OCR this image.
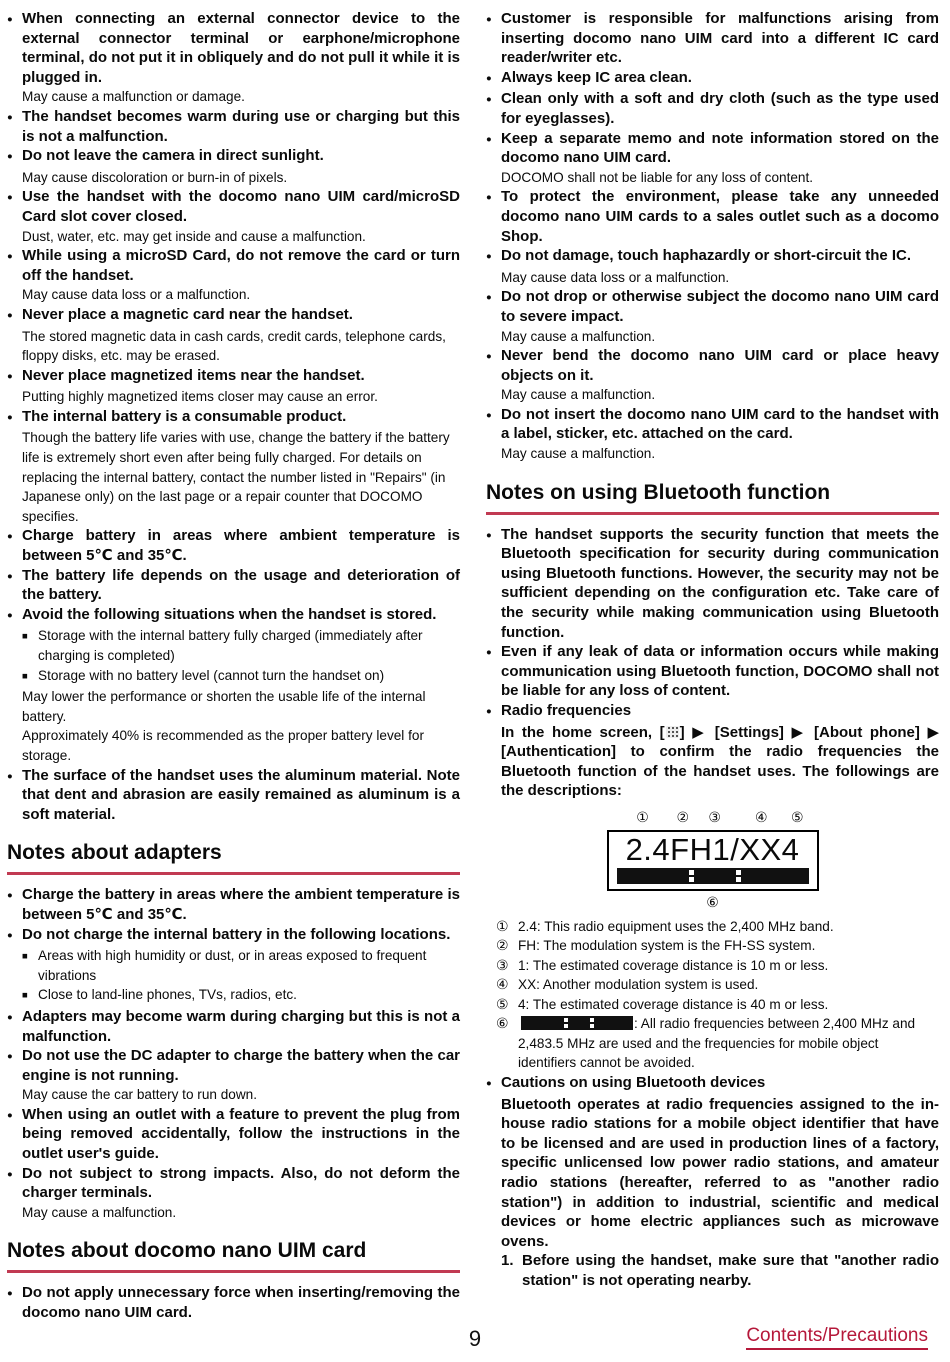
●
When connecting an external connector device to the external connector terminal or earphone/microphone terminal, do not put it in obliquely and do not pull it while it is plugged in.
May cause a malfunction or damage.
●
The handset becomes warm during use or charging but this is not a malfunction.
●
Do not leave the camera in direct sunlight.
May cause discoloration or burn-in of pixels.
●
Use the handset with the docomo nano UIM card/microSD Card slot cover closed.
Dust, water, etc. may get inside and cause a malfunction.
●
While using a microSD Card, do not remove the card or turn off the handset.
May cause data loss or a malfunction.
●
Never place a magnetic card near the handset.
The stored magnetic data in cash cards, credit cards, telephone cards, floppy disks, etc. may be erased.
●
Never place magnetized items near the handset.
Putting highly magnetized items closer may cause an error.
●
The internal battery is a consumable product.
Though the battery life varies with use, change the battery if the battery life is extremely short even after being fully charged. For details on replacing the internal battery, contact the number listed in "Repairs" (in Japanese only) on the last page or a repair counter that DOCOMO specifies.
●
Charge battery in areas where ambient temperature is between 5℃ and 35℃.
●
The battery life depends on the usage and deterioration of the battery.
●
Avoid the following situations when the handset is stored.
■
Storage with the internal battery fully charged (immediately after charging is completed)
■
Storage with no battery level (cannot turn the handset on)
May lower the performance or shorten the usable life of the internal battery.
Approximately 40% is recommended as the proper battery level for storage.
●
The surface of the handset uses the aluminum material. Note that dent and abrasion are easily remained as aluminum is a soft material.
Notes about adapters
●
Charge the battery in areas where the ambient temperature is between 5℃ and 35℃.
●
Do not charge the internal battery in the following locations.
■
Areas with high humidity or dust, or in areas exposed to frequent vibrations
■
Close to land-line phones, TVs, radios, etc.
●
Adapters may become warm during charging but this is not a malfunction.
●
Do not use the DC adapter to charge the battery when the car engine is not running.
May cause the car battery to run down.
●
When using an outlet with a feature to prevent the plug from being removed accidentally, follow the instructions in the outlet user's guide.
●
Do not subject to strong impacts. Also, do not deform the charger terminals.
May cause a malfunction.
Notes about docomo nano UIM card
●
Do not apply unnecessary force when inserting/removing the docomo nano UIM card.
●
Customer is responsible for malfunctions arising from inserting docomo nano UIM card into a different IC card reader/writer etc.
●
Always keep IC area clean.
●
Clean only with a soft and dry cloth (such as the type used for eyeglasses).
●
Keep a separate memo and note information stored on the docomo nano UIM card.
DOCOMO shall not be liable for any loss of content.
●
To protect the environment, please take any unneeded docomo nano UIM cards to a sales outlet such as a docomo Shop.
●
Do not damage, touch haphazardly or short-circuit the IC.
May cause data loss or a malfunction.
●
Do not drop or otherwise subject the docomo nano UIM card to severe impact.
May cause a malfunction.
●
Never bend the docomo nano UIM card or place heavy objects on it.
May cause a malfunction.
●
Do not insert the docomo nano UIM card to the handset with a label, sticker, etc. attached on the card.
May cause a malfunction.
Notes on using Bluetooth function
●
The handset supports the security function that meets the Bluetooth specification for security during communication using Bluetooth functions. However, the security may not be sufficient depending on the configuration etc. Take care of the security while making communication using Bluetooth function.
●
Even if any leak of data or information occurs while making communication using Bluetooth function, DOCOMO shall not be liable for any loss of content.
●
Radio frequencies
In the home screen, [ ] ▶ [Settings] ▶ [About phone] ▶ [Authentication] to confirm the radio frequencies the Bluetooth function of the handset uses. The followings are the descriptions:
① ② ③ ④ ⑤
2.4FH1/XX4
⑥
① 2.4: This radio equipment uses the 2,400 MHz band.
② FH: The modulation system is the FH-SS system.
③ 1: The estimated coverage distance is 10 m or less.
④ XX: Another modulation system is used.
⑤ 4: The estimated coverage distance is 40 m or less.
⑥	: All radio frequencies between 2,400 MHz and 2,483.5 MHz are used and the frequencies for mobile object identifiers cannot be avoided.
●
Cautions on using Bluetooth devices
Bluetooth operates at radio frequencies assigned to the in-house radio stations for a mobile object identifier that have to be licensed and are used in production lines of a factory, specific unlicensed low power radio stations, and amateur radio stations (hereafter, referred to as "another radio station") in addition to industrial, scientific and medical devices or home electric appliances such as microwave ovens.
1. Before using the handset, make sure that "another radio station" is not operating nearby.
9	Contents/Precautions
